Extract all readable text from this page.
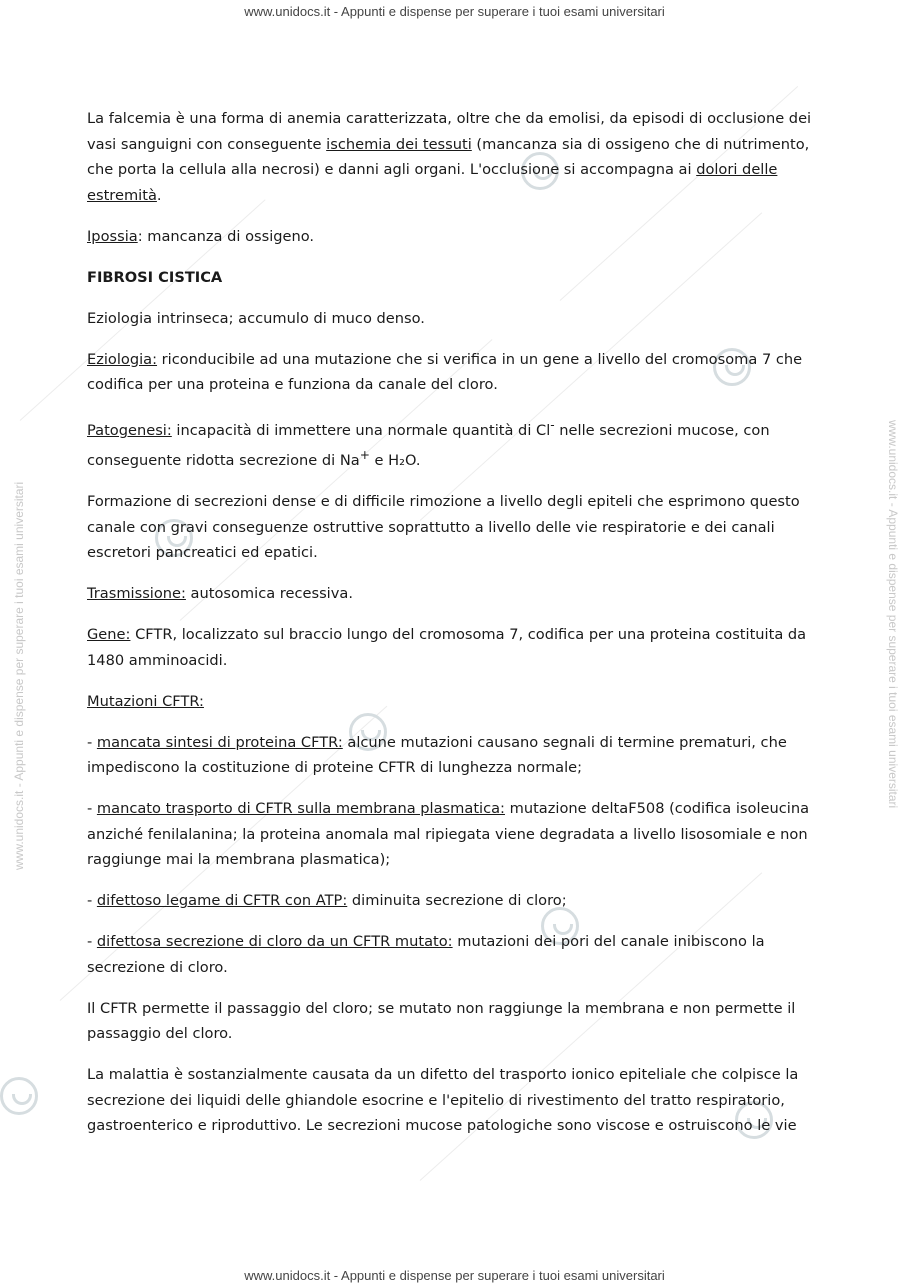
www.unidocs.it - Appunti e dispense per superare i tuoi esami universitari
www.unidocs.it - Appunti e dispense per superare i tuoi esami universitari
www.unidocs.it - Appunti e dispense per superare i tuoi esami universitari	www.unidocs.it - Appunti e dispense per superare i tuoi esami universitari

La falcemia è una forma di anemia caratterizzata, oltre che da emolisi, da episodi di occlusione dei vasi sanguigni con conseguente ischemia dei tessuti (mancanza sia di ossigeno che di nutrimento, che porta la cellula alla necrosi) e danni agli organi. L'occlusione si accompagna ai dolori delle estremità.

Ipossia: mancanza di ossigeno.

FIBROSI CISTICA

Eziologia intrinseca; accumulo di muco denso.

Eziologia: riconducibile ad una mutazione che si verifica in un gene a livello del cromosoma 7 che codifica per una proteina e funziona da canale del cloro.

Patogenesi: incapacità di immettere una normale quantità di Cl- nelle secrezioni mucose, con conseguente ridotta secrezione di Na+ e H₂O.

Formazione di secrezioni dense e di difficile rimozione a livello degli epiteli che esprimono questo canale con gravi conseguenze ostruttive soprattutto a livello delle vie respiratorie e dei canali escretori pancreatici ed epatici.

Trasmissione: autosomica recessiva.

Gene: CFTR, localizzato sul braccio lungo del cromosoma 7, codifica per una proteina costituita da 1480 amminoacidi.

Mutazioni CFTR:

- mancata sintesi di proteina CFTR: alcune mutazioni causano segnali di termine prematuri, che impediscono la costituzione di proteine CFTR di lunghezza normale;

- mancato trasporto di CFTR sulla membrana plasmatica: mutazione deltaF508 (codifica isoleucina anziché fenilalanina; la proteina anomala mal ripiegata viene degradata a livello lisosomiale e non raggiunge mai la membrana plasmatica);

- difettoso legame di CFTR con ATP: diminuita secrezione di cloro;

- difettosa secrezione di cloro da un CFTR mutato: mutazioni dei pori del canale inibiscono la secrezione di cloro.

Il CFTR permette il passaggio del cloro; se mutato non raggiunge la membrana e non permette il passaggio del cloro.

La malattia è sostanzialmente causata da un difetto del trasporto ionico epiteliale che colpisce la secrezione dei liquidi delle ghiandole esocrine e l'epitelio di rivestimento del tratto respiratorio, gastroenterico e riproduttivo. Le secrezioni mucose patologiche sono viscose e ostruiscono le vie
